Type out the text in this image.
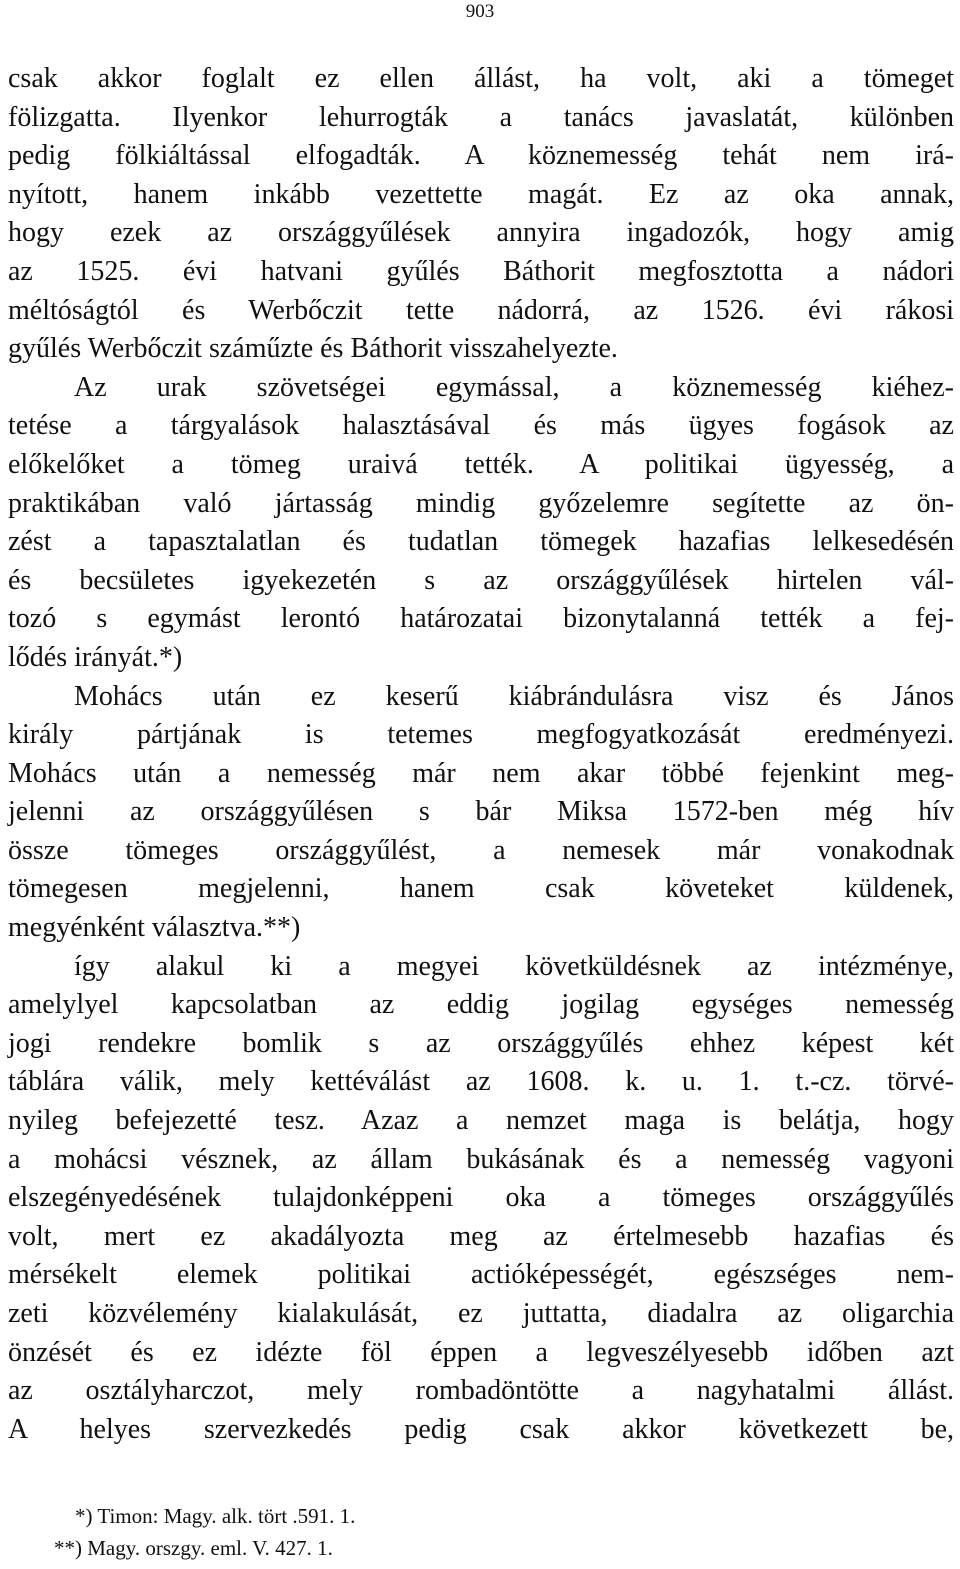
903
csak akkor foglalt ez ellen állást, ha volt, aki a tömeget
fölizgatta. Ilyenkor lehurrogták a tanács javaslatát, különben
pedig fölkiáltással elfogadták. A köznemesség tehát nem irá-
nyított, hanem inkább vezettette magát. Ez az oka annak,
hogy ezek az országgyűlések annyira ingadozók, hogy amig
az 1525. évi hatvani gyűlés Báthorit megfosztotta a nádori
méltóságtól és Werbőczit tette nádorrá, az 1526. évi rákosi
gyűlés Werbőczit száműzte és Báthorit visszahelyezte.
Az urak szövetségei egymással, a köznemesség kiéhez-
tetése a tárgyalások halasztásával és más ügyes fogások az
előkelőket a tömeg uraivá tették. A politikai ügyesség, a
praktikában való jártasság mindig győzelemre segítette az ön-
zést a tapasztalatlan és tudatlan tömegek hazafias lelkesedésén
és becsületes igyekezetén s az országgyűlések hirtelen vál-
tozó s egymást lerontó határozatai bizonytalanná tették a fej-
lődés irányát.*)
Mohács után ez keserű kiábrándulásra visz és János
király pártjának is tetemes megfogyatkozását eredményezi.
Mohács után a nemesség már nem akar többé fejenkint meg-
jelenni az országgyűlésen s bár Miksa 1572-ben még hív
össze tömeges országgyűlést, a nemesek már vonakodnak
tömegesen megjelenni, hanem csak követeket küldenek,
megyénként választva.**)
így alakul ki a megyei követküldésnek az intézménye,
amelylyel kapcsolatban az eddig jogilag egységes nemesség
jogi rendekre bomlik s az országgyűlés ehhez képest két
táblára válik, mely kettéválást az 1608. k. u. 1. t.-cz. törvé-
nyileg befejezetté tesz. Azaz a nemzet maga is belátja, hogy
a mohácsi vésznek, az állam bukásának és a nemesség vagyoni
elszegényedésének tulajdonképpeni oka a tömeges országgyűlés
volt, mert ez akadályozta meg az értelmesebb hazafias és
mérsékelt elemek politikai actióképességét, egészséges nem-
zeti közvélemény kialakulását, ez juttatta, diadalra az oligarchia
önzését és ez idézte föl éppen a legveszélyesebb időben azt
az osztályharczot, mely rombadöntötte a nagyhatalmi állást.
A helyes szervezkedés pedig csak akkor következett be,
*) Timon: Magy. alk. tört .591. 1.
**) Magy. orszgy. eml. V. 427. 1.
